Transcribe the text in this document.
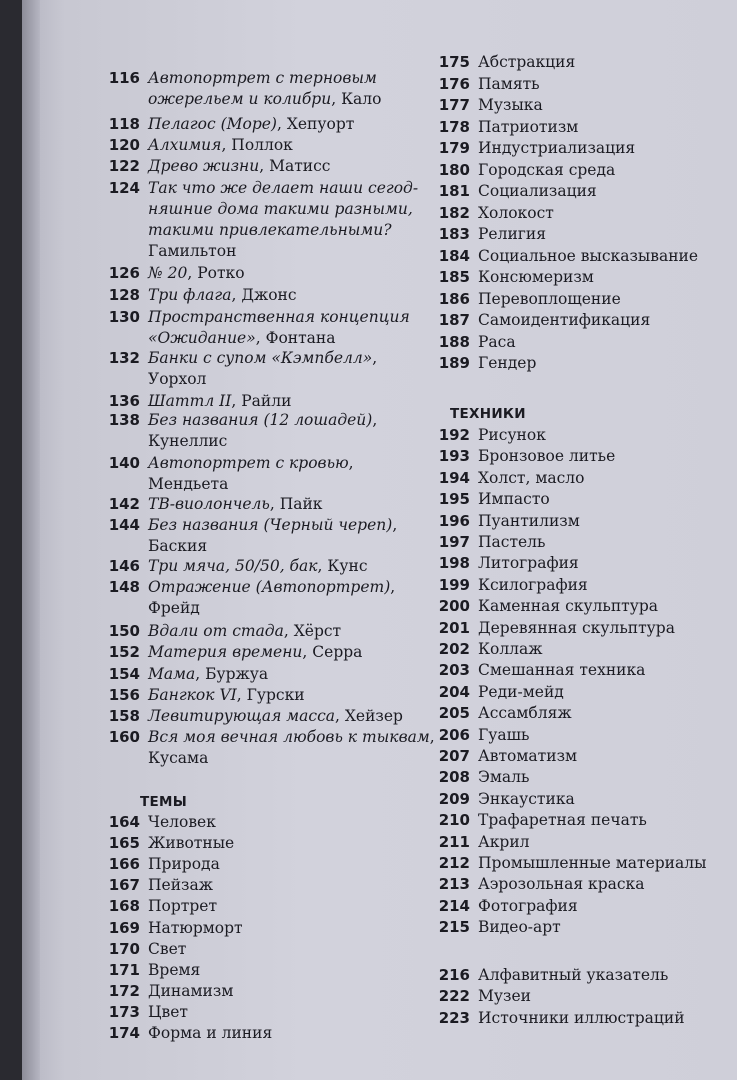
116 Автопортрет с терновым
ожерельем и колибри, Кало
118 Пелагос (Море), Хепуорт
120 Алхимия, Поллок
122 Древо жизни, Матисс
124 Так что же делает наши сегод-
няшние дома такими разными,
такими привлекательными?
Гамильтон
126 № 20, Ротко
128 Три флага, Джонс
130 Пространственная концепция
«Ожидание», Фонтана
132 Банки с супом «Кэмпбелл»,
Уорхол
136 Шаттл II, Райли
138 Без названия (12 лошадей),
Кунеллис
140 Автопортрет с кровью,
Мендьета
142 ТВ-виолончель, Пайк
144 Без названия (Черный череп),
Баския
146 Три мяча, 50/50, бак, Кунс
148 Отражение (Автопортрет),
Фрейд
150 Вдали от стада, Хёрст
152 Материя времени, Серра
154 Мама, Буржуа
156 Бангкок VI, Гурски
158 Левитирующая масса, Хейзер
160 Вся моя вечная любовь к тыквам,
Кусама
ТЕМЫ
164 Человек
165 Животные
166 Природа
167 Пейзаж
168 Портрет
169 Натюрморт
170 Свет
171 Время
172 Динамизм
173 Цвет
174 Форма и линия
175 Абстракция
176 Память
177 Музыка
178 Патриотизм
179 Индустриализация
180 Городская среда
181 Социализация
182 Холокост
183 Религия
184 Социальное высказывание
185 Консюмеризм
186 Перевоплощение
187 Самоидентификация
188 Раса
189 Гендер
ТЕХНИКИ
192 Рисунок
193 Бронзовое литье
194 Холст, масло
195 Импасто
196 Пуантилизм
197 Пастель
198 Литография
199 Ксилография
200 Каменная скульптура
201 Деревянная скульптура
202 Коллаж
203 Смешанная техника
204 Реди-мейд
205 Ассамбляж
206 Гуашь
207 Автоматизм
208 Эмаль
209 Энкаустика
210 Трафаретная печать
211 Акрил
212 Промышленные материалы
213 Аэрозольная краска
214 Фотография
215 Видео-арт
216 Алфавитный указатель
222 Музеи
223 Источники иллюстраций
